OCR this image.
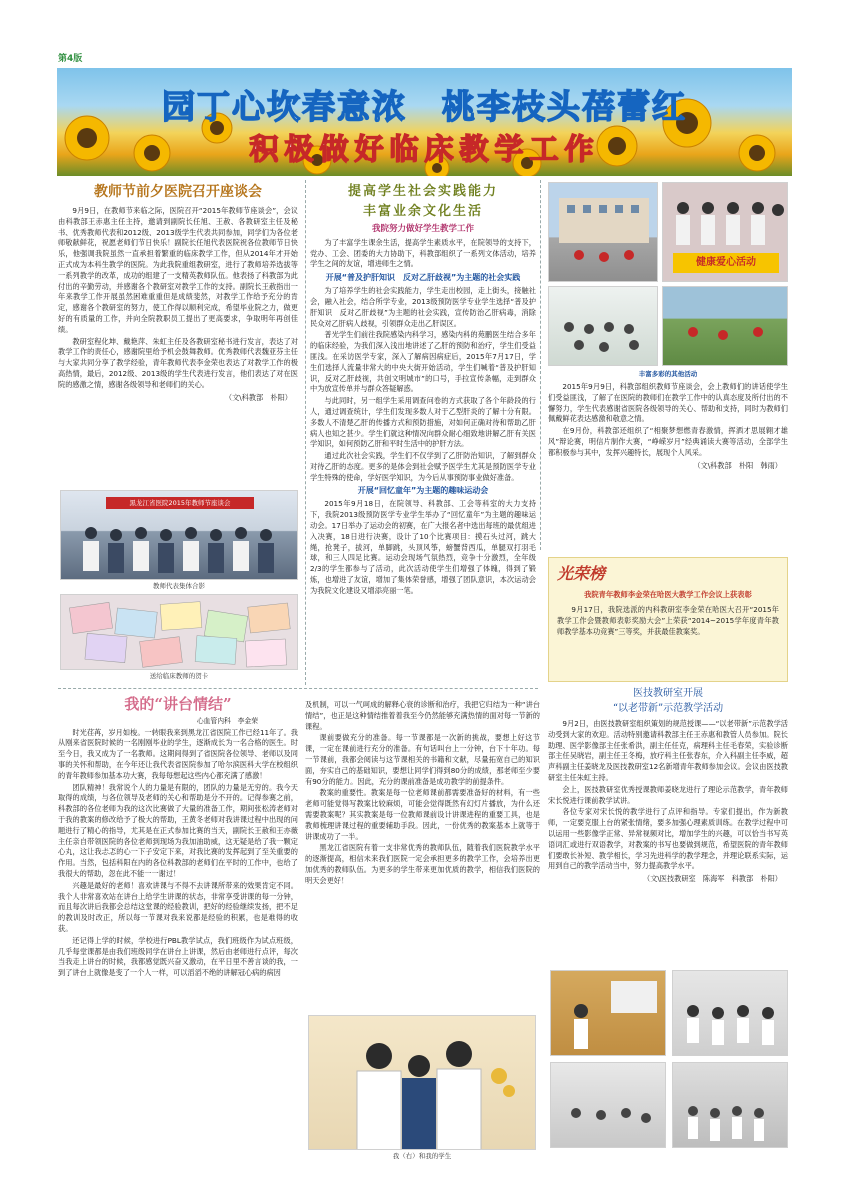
第4版
园丁心坎春意浓　桃李枝头蓓蕾红
积极做好临床教学工作
教师节前夕医院召开座谈会

9月9日，在教师节来临之际，医院召开“2015年教师节座谈会”，会议由科教部王赤惠主任主持，邀请到副院长任旭、王赦、各教研室主任及秘书、优秀教师代表和2012级、2013级学生代表共同参加，同学们为各位老师敬献鲜花，祝愿老师们节日快乐！副院长任旭代表医院祝各位教师节日快乐，他强调我院虽然一直承担着繁重的临床教学工作，但从2014年才开始正式成为本科生教学的医院。为此我院重组教研室，进行了教师培养选拔等一系列教学的改革，成功的组建了一支精英教师队伍。他表扬了科教部为此付出的辛勤劳动，并感谢各个教研室对教学工作的支持。副院长王赦指出一年来教学工作开展虽然困难重重但是成绩斐然，对教学工作给予充分的肯定，感谢各个教研室的努力，使工作得以顺利完成，希望毕业院之力，做更好的有质量的工作，并向全院教职员工提出了更高要求，争取明年再创佳绩。

教研室程化坤、戴艳萍、朱虹主任及各教研室秘书进行发言，表达了对教学工作的责任心，感谢院里给予机会鼓舞教师。优秀教师代表魏亚芬主任与大家共同分享了教学经验，青年教师代表李金荣也表达了对教学工作的极高热情，最后，2012级、2013级的学生代表进行发言，他们表达了对在医院的感激之情，感谢各级领导和老师们的关心。

（文\科教部　朴阳）
黑龙江省医院2015年教师节座谈会
教师代表集体合影
送给临床教师的贺卡
提高学生社会实践能力
丰富业余文化生活
我院努力做好学生教学工作

为了丰富学生课余生活，提高学生素质水平，在院领导的支持下，党办、工会、团委的大力协助下，科教部组织了一系列文体活动，培养学生之间的友谊，增进师生之情。

开展“普及护肝知识　反对乙肝歧视”为主题的社会实践

为了培养学生的社会实践能力，学生走出校园，走上街头，接触社会，融入社会，结合所学专业，2013级预防医学专业学生选择“普及护肝知识　反对乙肝歧视”为主题的社会实践，宣传防治乙肝病毒，消除民众对乙肝病人歧视，引领群众走出乙肝误区。

普光学生们前往我院感染内科学习，感染内科的苑鹏医生结合多年的临床经验，为我们深入浅出地讲述了乙肝的预防和治疗，学生们受益匪浅。在采访医学专家，深入了解病因病症后，2015年7月17日，学生们选择人流量非常大的中央大街开始活动，学生们喊着“普及护肝知识，反对乙肝歧视，共创文明城市”的口号，手拉宣传条幅，走到群众中为放宣传单并与群众答疑解惑。

与此同时，另一组学生采用调查问卷的方式获取了各个年龄段的行人，通过调查统计，学生们发现多数人对于乙型肝炎的了解十分有限。多数人不清楚乙肝的传播方式和预防措施，对如何正确对待和帮助乙肝病人也知之甚少。学生们就这种情况向群众耐心细致地讲解乙肝有关医学知识，如何预防乙肝和平时生活中的护肝方法。

通过此次社会实践，学生们不仅学到了乙肝防治知识，了解到群众对待乙肝的态度。更多的是体会到社会赋予医学生尤其是预防医学专业学生特殊的使命，学好医学知识，为今后从事预防事业做好准备。

开展“回忆童年”为主题的趣味运动会

2015年9月18日，在院领导、科教部、工会等科室的大力支持下，我院2013级预防医学专业学生举办了“回忆童年”为主题的趣味运动会。17日举办了运动会的初赛，在广大报名者中选出每班的最优组进入决赛，18日进行决赛，设计了10个比赛项目：摸石头过河，跳大绳，抢凳子，拔河，单脚跳，头顶风筝，螃蟹背西瓜，单腿双打羽毛球，和三人四足比赛。运动会现场气氛热烈，竞争十分激烈，全年级2/3的学生都参与了活动，此次活动使学生们增强了体魄，得到了锻炼，也增进了友谊，增加了集体荣誉感，增强了团队意识，本次运动会为我院文化建设又增添亮丽一笔。

健康爱心活动
丰富多彩的其他活动

2015年9月9日，科教部组织教师节座谈会，会上教师们的讲话使学生们受益匪浅，了解了在医院的教师们在教学工作中的认真态度及所付出的不懈努力，学生代表感谢省医院各级领导的关心、帮助和支持，同时为教师们佩戴鲜花表达感激和敬意之情。

在9月份，科教部还组织了“相聚梦想燃青春激情，挥洒才思展翱才雄风”辩论赛，明信片制作大赛，“峥嵘岁月”经典诵读大赛等活动，全部学生都积极参与其中，发挥兴趣特长，展现个人风采。

（文\科教部　朴阳　韩雨）
光荣榜
我院青年教师李金荣在哈医大教学工作会议上获表彰

9月17日，我院选派的内科教研室李金荣在哈医大召开“2015年教学工作会暨教师表彰奖励大会”上荣获“2014~2015学年度青年教师教学基本功竞赛”三等奖，并获最佳教案奖。

我的“讲台情结”
心血管内科　李金荣

时光荏苒，岁月如梭。一转眼我来到黑龙江省医院工作已经11年了。我从刚来省医院时候的一名刚刚毕业的学生，逐渐成长为一名合格的医生。时至今日，我又成为了一名教师。这期间得到了省医院各位领导、老师以及同事的关怀和帮助，在今年还让我代表省医院参加了哈尔滨医科大学在校组织的青年教师参加基本功大赛，我每每想起这些内心都充满了感激！

团队精神！我常说个人的力量是有限的，团队的力量是无穷的。我今天取得的成绩，与各位领导及老师的关心和帮助是分不开的。记得参赛之前，科教部的各位老师为我的这次比赛做了大量的准备工作，期间张松涛老师对于我的教案的修改给予了极大的帮助，王黄冬老师对我讲课过程中出现的问题进行了精心的指导，尤其是在正式参加比赛的当天，副院长王赦和王亦薇主任亲自带领医院的各位老师到现场为我加油助威，这无疑是给了我一颗定心丸，这让我忐忑的心一下子安定下来，对我比赛的发挥起到了至关重要的作用。当然，包括科阳在内的各位科教部的老师们在平时的工作中，也给了我很大的帮助，忽在此不能一一谢过！

兴趣是最好的老师！喜欢讲课与不得不去讲课所带来的效果肯定不同。我个人非常喜欢站在讲台上给学生讲课的状态，非常享受讲课的每一分钟，而且每次讲后我都会总结这堂课的经验教训，把好的经验继续发扬，把不足的教训及时改正，所以每一节课对我来说都是经验的积累，也是难得的收获。

还记得上学的时候，学校进行PBL教学试点，我们班级作为试点班级，几乎每堂课都是由我们班级同学在讲台上讲课，然后由老师进行点评，每次当我走上讲台的时候，我都感觉既兴奋又激动，在平日里不善言谈的我，一到了讲台上就像是变了一个人一样，可以滔滔不绝的讲解冠心病的病因

及机制，可以一气呵成的解释心衰的诊断和治疗，我把它归结为一种“讲台情结”，也正是这种情结推着着我至今仍然能够充满热情的面对每一节新的课程。

课前要做充分的准备。每一节课都是一次新的挑战，要想上好这节课，一定在课前进行充分的准备。有句话叫台上一分钟，台下十年功。每一节课前，我都会阅读与这节课相关的书籍和文献，尽量拓宽自己的知识面，夯实自己的基础知识，要想让同学们得到80分的成绩，那老师至少要有90分的能力。因此，充分的课前准备是成功教学的前提条件。

教案的重要性。教案是每一位老师课前都需要准备好的材料，有一些老师可能觉得写教案比较麻烦，可能会觉得既然有幻灯片播放，为什么还需要教案呢？其实教案是每一位教师课前设计讲课进程的重要工具，也是教师梳理讲课过程的重要辅助手段。因此，一份优秀的教案基本上就等于讲课成功了一半。

黑龙江省医院有着一支非常优秀的教师队伍，随着我们医院教学水平的逐渐提高，相信未来我们医院一定会承担更多的教学工作，会培养出更加优秀的教师队伍。为更多的学生带来更加优质的教学，相信我们医院的明天会更好！

我（右）和我的学生
医技教研室开展
“以老带新”示范教学活动

9月2日，由医技教研室组织策划的规范授课——“以老带新”示范教学活动受到大家的欢迎。活动特别邀请科教部主任王赤惠和教管人员参加。院长助理、医学影像部主任张希洪，副主任任克，病理科主任毛春荣，实验诊断部主任吴晓岩，副主任王冬梅，放疗科主任张春东，介入科副主任李威，超声科副主任姜晓龙及医技教研室12名新增青年教师参加会议。会议由医技教研室主任朱虹主持。

会上，医技教研室优秀授课教师姜晓龙进行了理论示范教学，青年教师宋长悦进行课前教学试讲。

各位专家对宋长悦的教学进行了点评和指导。专家们提出，作为新教师，一定要克服上台的紧张情绪，要多加强心理素质训练。在教学过程中可以运用一些影像学正常、异常视频对比，增加学生的兴趣，可以恰当书写英语词汇或进行双语教学，对教案的书写也要做到规范，希望医院的青年教师们要敢长补短、教学相长，学习先进科学的教学理念，并理论联系实际，运用到自己的教学活动当中，努力提高教学水平。

（文\医技教研室　陈海军　科教部　朴阳）
